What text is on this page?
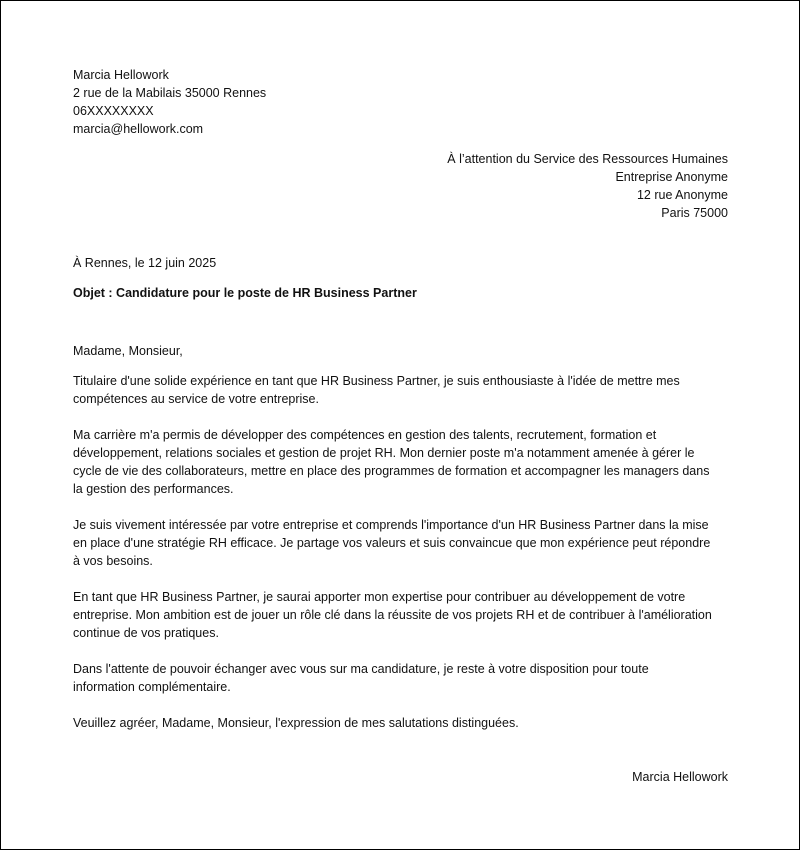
Marcia Hellowork
2 rue de la Mabilais 35000 Rennes
06XXXXXXXX
marcia@hellowork.com
À l’attention du Service des Ressources Humaines
Entreprise Anonyme
12 rue Anonyme
Paris 75000
À Rennes, le 12 juin 2025
Objet : Candidature pour le poste de HR Business Partner
Madame, Monsieur,

Titulaire d'une solide expérience en tant que HR Business Partner, je suis enthousiaste à l'idée de mettre mes
compétences au service de votre entreprise.

Ma carrière m'a permis de développer des compétences en gestion des talents, recrutement, formation et
développement, relations sociales et gestion de projet RH. Mon dernier poste m'a notamment amenée à gérer le
cycle de vie des collaborateurs, mettre en place des programmes de formation et accompagner les managers dans
la gestion des performances.

Je suis vivement intéressée par votre entreprise et comprends l'importance d'un HR Business Partner dans la mise
en place d'une stratégie RH efficace. Je partage vos valeurs et suis convaincue que mon expérience peut répondre
à vos besoins.

En tant que HR Business Partner, je saurai apporter mon expertise pour contribuer au développement de votre
entreprise. Mon ambition est de jouer un rôle clé dans la réussite de vos projets RH et de contribuer à l'amélioration
continue de vos pratiques.

Dans l'attente de pouvoir échanger avec vous sur ma candidature, je reste à votre disposition pour toute
information complémentaire.

Veuillez agréer, Madame, Monsieur, l'expression de mes salutations distinguées.
Marcia Hellowork
